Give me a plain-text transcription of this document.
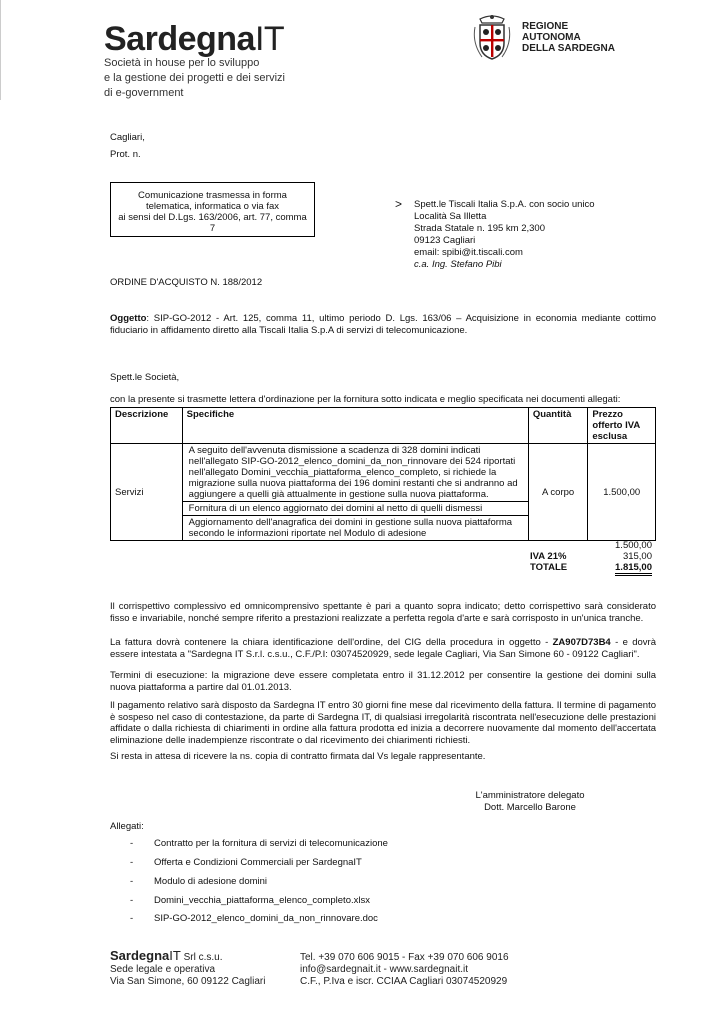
SardegnaIT
Società in house per lo sviluppo
e la gestione dei progetti e dei servizi
di e-government
REGIONE
AUTONOMA
DELLA SARDEGNA
Cagliari,
Prot. n.
Comunicazione trasmessa in forma
telematica, informatica o via fax
ai sensi del D.Lgs. 163/2006, art. 77, comma
7
> Spett.le Tiscali Italia S.p.A. con socio unico
Località Sa Illetta
Strada Statale n. 195 km 2,300
09123 Cagliari
email: spibi@it.tiscali.com
c.a. Ing. Stefano Pibi
ORDINE D'ACQUISTO N. 188/2012
Oggetto: SIP-GO-2012 - Art. 125, comma 11, ultimo periodo D. Lgs. 163/06 – Acquisizione in economia mediante cottimo fiduciario in affidamento diretto alla Tiscali Italia S.p.A di servizi di telecomunicazione.
Spett.le Società,
con la presente si trasmette lettera d'ordinazione per la fornitura sotto indicata e meglio specificata nei documenti allegati:
Descrizione	Specifiche	Quantità	Prezzo offerto IVA esclusa
Servizi	A seguito dell'avvenuta dismissione a scadenza di 328 domini indicati nell'allegato SIP-GO-2012_elenco_domini_da_non_rinnovare dei 524 riportati nell'allegato Domini_vecchia_piattaforma_elenco_completo, si richiede la migrazione sulla nuova piattaforma dei 196 domini restanti che si andranno ad aggiungere a quelli già attualmente in gestione sulla nuova piattaforma.
Fornitura di un elenco aggiornato dei domini al netto di quelli dismessi
Aggiornamento dell'anagrafica dei domini in gestione sulla nuova piattaforma secondo le informazioni riportate nel Modulo di adesione	A corpo	1.500,00
1.500,00
IVA 21%	315,00
TOTALE	1.815,00
Il corrispettivo complessivo ed omnicomprensivo spettante è pari a quanto sopra indicato; detto corrispettivo sarà considerato fisso e invariabile, nonché sempre riferito a prestazioni realizzate a perfetta regola d'arte e sarà corrisposto in un'unica tranche.
La fattura dovrà contenere la chiara identificazione dell'ordine, del CIG della procedura in oggetto - ZA907D73B4 - e dovrà essere intestata a "Sardegna IT S.r.l. c.s.u., C.F./P.I: 03074520929, sede legale Cagliari, Via San Simone 60 - 09122 Cagliari".
Termini di esecuzione: la migrazione deve essere completata entro il 31.12.2012 per consentire la gestione dei domini sulla nuova piattaforma a partire dal 01.01.2013.
Il pagamento relativo sarà disposto da Sardegna IT entro 30 giorni fine mese dal ricevimento della fattura. Il termine di pagamento è sospeso nel caso di contestazione, da parte di Sardegna IT, di qualsiasi irregolarità riscontrata nell'esecuzione delle prestazioni affidate o dalla richiesta di chiarimenti in ordine alla fattura prodotta ed inizia a decorrere nuovamente dal momento dell'accertata eliminazione delle inadempienze riscontrate o dal ricevimento dei chiarimenti richiesti.
Si resta in attesa di ricevere la ns. copia di contratto firmata dal Vs legale rappresentante.
L'amministratore delegato
Dott. Marcello Barone
Allegati:
- Contratto per la fornitura di servizi di telecomunicazione
- Offerta e Condizioni Commerciali per SardegnaIT
- Modulo di adesione domini
- Domini_vecchia_piattaforma_elenco_completo.xlsx
- SIP-GO-2012_elenco_domini_da_non_rinnovare.doc
SardegnaIT Srl c.s.u.
Sede legale e operativa
Via San Simone, 60 09122 Cagliari
Tel. +39 070 606 9015 - Fax +39 070 606 9016
info@sardegnait.it - www.sardegnait.it
C.F., P.Iva e iscr. CCIAA Cagliari 03074520929
